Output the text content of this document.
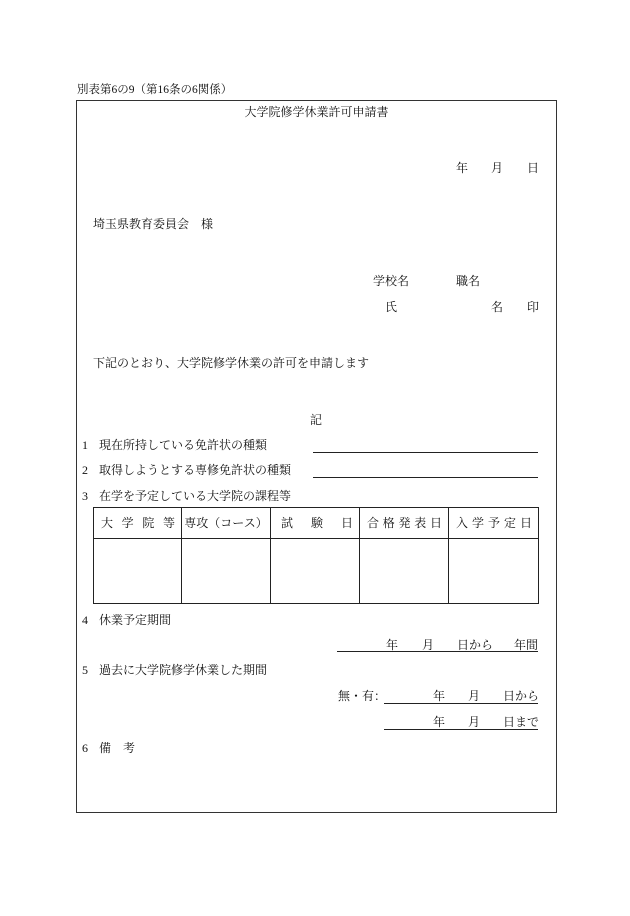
別表第6の9（第16条の6関係）
大学院修学休業許可申請書
年 月 日
埼玉県教育委員会　様
学校名	職名
氏	名 印
下記のとおり、大学院修学休業の許可を申請します
記
1 現在所持している免許状の種類
2 取得しようとする専修免許状の種類
3 在学を予定している大学院の課程等
大学院等	専攻（コース）	試験日	合格発表日	入学予定日

4 休業予定期間
年 月 日から 年間
5 過去に大学院修学休業した期間
無・有：	年 月 日から
年 月 日まで
6 備　考
